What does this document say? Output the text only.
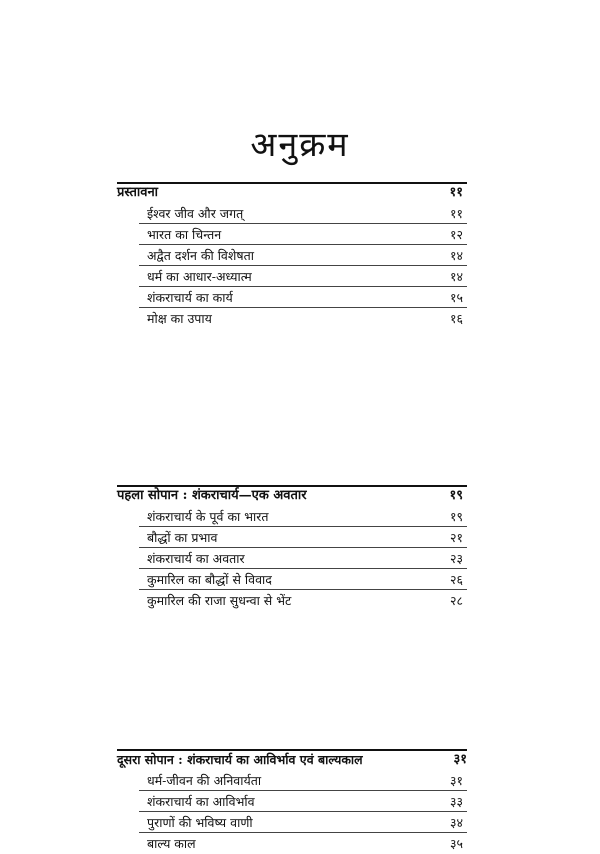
अनुक्रम
प्रस्तावना	११
ईश्वर जीव और जगत्	११
भारत का चिन्तन	१२
अद्वैत दर्शन की विशेषता	१४
धर्म का आधार-अध्यात्म	१४
शंकराचार्य का कार्य	१५
मोक्ष का उपाय	१६
पहला सोपान : शंकराचार्य—एक अवतार	१९
शंकराचार्य के पूर्व का भारत	१९
बौद्धों का प्रभाव	२१
शंकराचार्य का अवतार	२३
कुमारिल का बौद्धों से विवाद	२६
कुमारिल की राजा सुधन्वा से भेंट	२८
दूसरा सोपान : शंकराचार्य का आविर्भाव एवं बाल्यकाल	३१
धर्म-जीवन की अनिवार्यता	३१
शंकराचार्य का आविर्भाव	३३
पुराणों की भविष्य वाणी	३४
बाल्य काल	३५
